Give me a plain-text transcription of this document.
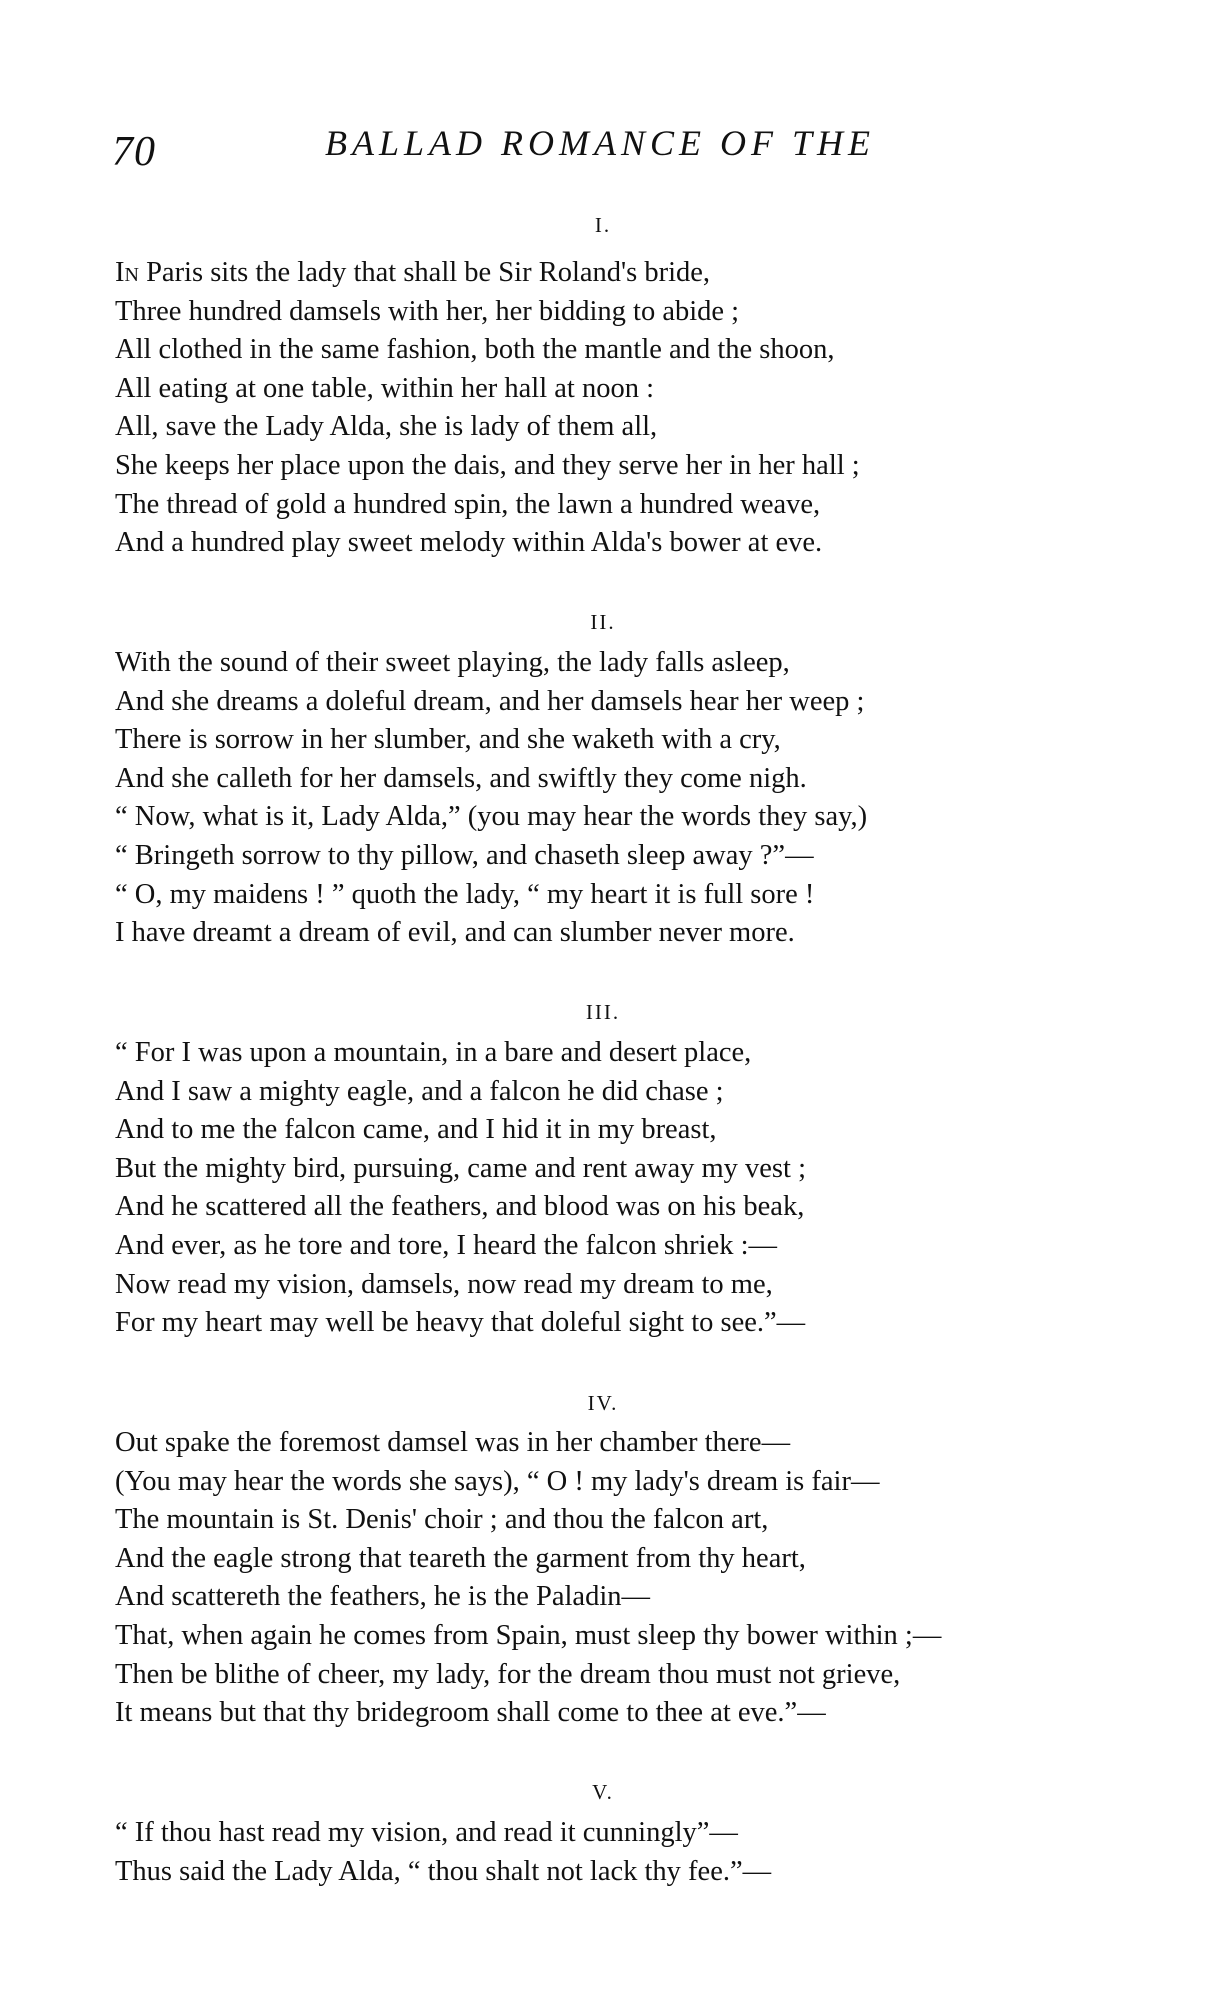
70	BALLAD ROMANCE OF THE
I.
In Paris sits the lady that shall be Sir Roland's bride,
Three hundred damsels with her, her bidding to abide ;
All clothed in the same fashion, both the mantle and the shoon,
All eating at one table, within her hall at noon :
All, save the Lady Alda, she is lady of them all,
She keeps her place upon the dais, and they serve her in her hall ;
The thread of gold a hundred spin, the lawn a hundred weave,
And a hundred play sweet melody within Alda's bower at eve.
II.
With the sound of their sweet playing, the lady falls asleep,
And she dreams a doleful dream, and her damsels hear her weep ;
There is sorrow in her slumber, and she waketh with a cry,
And she calleth for her damsels, and swiftly they come nigh.
“ Now, what is it, Lady Alda,” (you may hear the words they say,)
“ Bringeth sorrow to thy pillow, and chaseth sleep away ?”—
“ O, my maidens ! ” quoth the lady, “ my heart it is full sore !
I have dreamt a dream of evil, and can slumber never more.
III.
“ For I was upon a mountain, in a bare and desert place,
And I saw a mighty eagle, and a falcon he did chase ;
And to me the falcon came, and I hid it in my breast,
But the mighty bird, pursuing, came and rent away my vest ;
And he scattered all the feathers, and blood was on his beak,
And ever, as he tore and tore, I heard the falcon shriek :—
Now read my vision, damsels, now read my dream to me,
For my heart may well be heavy that doleful sight to see.”—
IV.
Out spake the foremost damsel was in her chamber there—
(You may hear the words she says), “ O ! my lady's dream is fair—
The mountain is St. Denis' choir ; and thou the falcon art,
And the eagle strong that teareth the garment from thy heart,
And scattereth the feathers, he is the Paladin—
That, when again he comes from Spain, must sleep thy bower within ;—
Then be blithe of cheer, my lady, for the dream thou must not grieve,
It means but that thy bridegroom shall come to thee at eve.”—
V.
“ If thou hast read my vision, and read it cunningly”—
Thus said the Lady Alda, “ thou shalt not lack thy fee.”—
